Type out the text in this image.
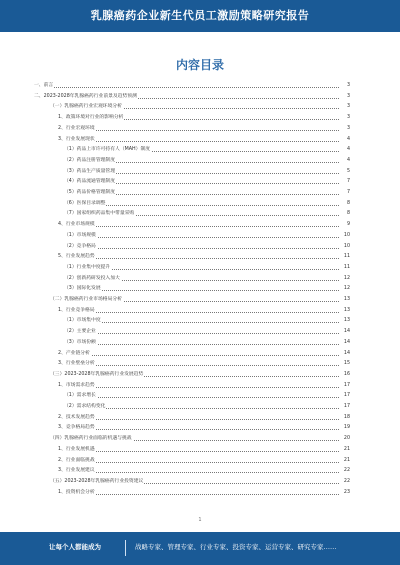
乳腺癌药企业新生代员工激励策略研究报告
内容目录
一、前言	3
二、2023-2028年乳腺癌药行业前景及趋势预测	3
（一）乳腺癌药行业宏观环境分析	3
1、政策环境对行业的影响分析	3
2、行业宏观环境	3
3、行业发展现状	4
（1）药品上市许可持有人（MAH）制度	4
（2）药品注册管理制度	4
（3）药品生产质量管理	5
（4）药品流通管理制度	7
（5）药品价格管理制度	7
（6）医保目录调整	8
（7）国家组织药品集中带量采购	8
4、行业市场规模	9
（1）市场规模	10
（2）竞争格局	10
5、行业发展趋势	11
（1）行业集中度提升	11
（2）创新药研发投入加大	12
（3）国际化发展	12
（二）乳腺癌药行业市场格局分析	13
1、行业竞争格局	13
（1）市场集中度	13
（2）主要企业	14
（3）市场份额	14
2、产业链分析	14
3、行业壁垒分析	15
（三）2023-2028年乳腺癌药行业发展趋势	16
1、市场需求趋势	17
（1）需求增长	17
（2）需求结构变化	17
2、技术发展趋势	18
3、竞争格局趋势	19
（四）乳腺癌药行业面临的机遇与挑战	20
1、行业发展机遇	21
2、行业面临挑战	21
3、行业发展建议	22
（五）2023-2028年乳腺癌药行业投资建议	22
1、投资机会分析	23
1
让每个人都能成为	战略专家、管理专家、行业专家、投资专家、运营专家、研究专家……
